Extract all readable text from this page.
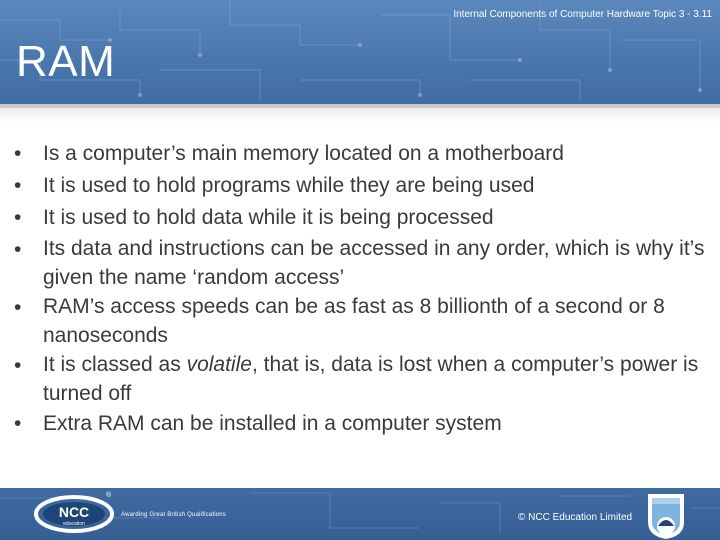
Internal Components of Computer Hardware Topic 3 - 3.11
RAM
•	Is a computer’s main memory located on a motherboard
•	It is used to hold programs while they are being used
•	It is used to hold data while it is being processed
•	Its data and instructions can be accessed in any order, which is why it’s given the name ‘random access’
•	RAM’s access speeds can be as fast as 8 billionth of a second or 8 nanoseconds
•	It is classed as volatile, that is, data is lost when a computer’s power is turned off
•	Extra RAM can be installed in a computer system
NCC
education
®
Awarding Great British Qualifications	© NCC Education Limited
